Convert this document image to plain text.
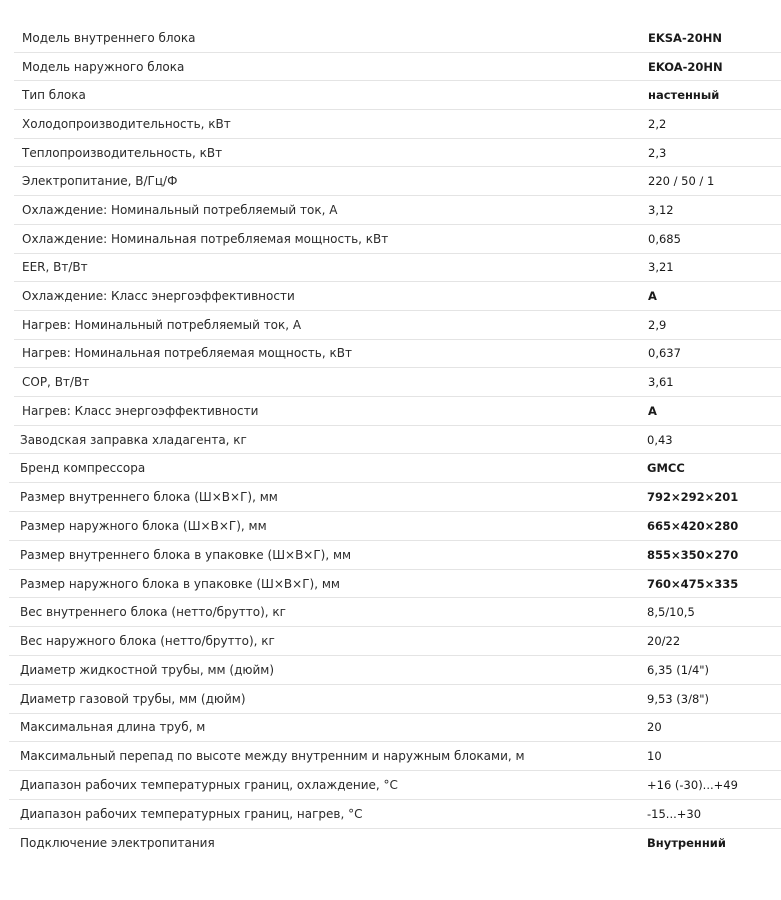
Модель внутреннего блока	EKSA-20HN
Модель наружного блока	EKOA-20HN
Тип блока	настенный
Холодопроизводительность, кВт	2,2
Теплопроизводительность, кВт	2,3
Электропитание, В/Гц/Ф	220 / 50 / 1
Охлаждение: Номинальный потребляемый ток, А	3,12
Охлаждение: Номинальная потребляемая мощность, кВт	0,685
EER, Вт/Вт	3,21
Охлаждение: Класс энергоэффективности	A
Нагрев: Номинальный потребляемый ток, А	2,9
Нагрев: Номинальная потребляемая мощность, кВт	0,637
COP, Вт/Вт	3,61
Нагрев: Класс энергоэффективности	A
Заводская заправка хладагента, кг	0,43
Бренд компрессора	GMCC
Размер внутреннего блока (Ш×В×Г), мм	792×292×201
Размер наружного блока (Ш×В×Г), мм	665×420×280
Размер внутреннего блока в упаковке (Ш×В×Г), мм	855×350×270
Размер наружного блока в упаковке (Ш×В×Г), мм	760×475×335
Вес внутреннего блока (нетто/брутто), кг	8,5/10,5
Вес наружного блока (нетто/брутто), кг	20/22
Диаметр жидкостной трубы, мм (дюйм)	6,35 (1/4")
Диаметр газовой трубы, мм (дюйм)	9,53 (3/8")
Максимальная длина труб, м	20
Максимальный перепад по высоте между внутренним и наружным блоками, м	10
Диапазон рабочих температурных границ, охлаждение, °C	+16 (-30)...+49
Диапазон рабочих температурных границ, нагрев, °C	-15...+30
Подключение электропитания	Внутренний
